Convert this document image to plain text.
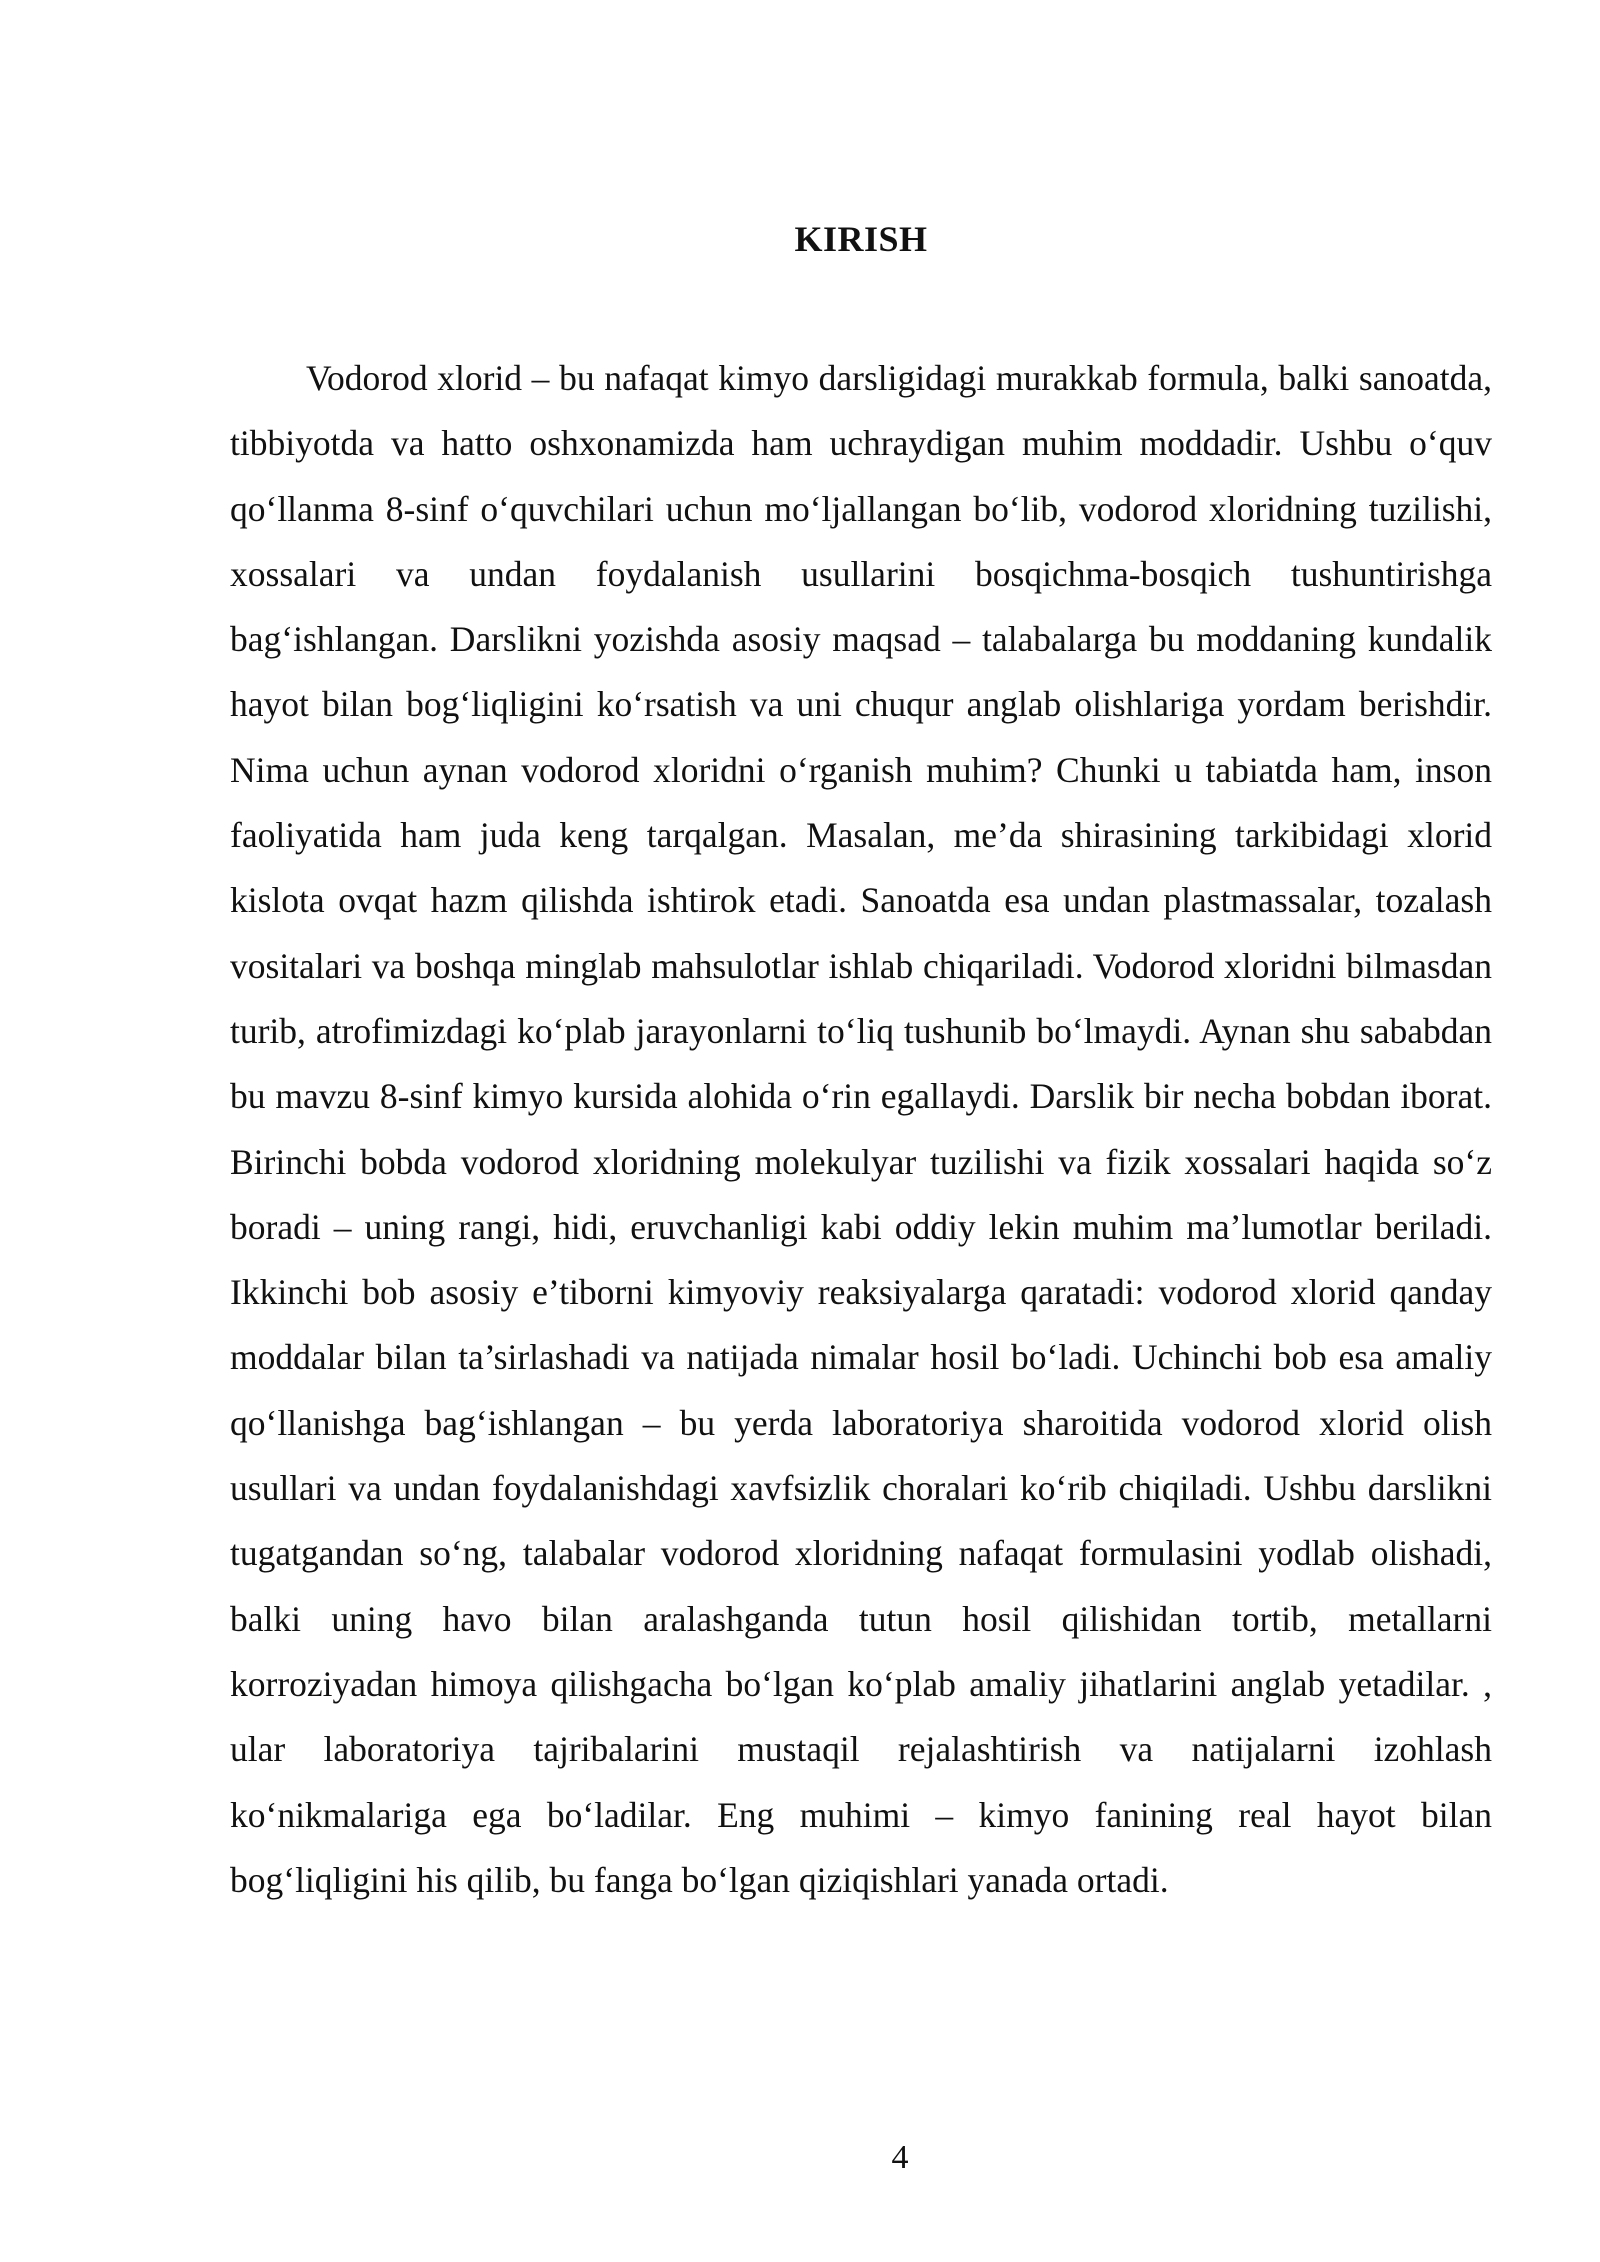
KIRISH

Vodorod xlorid – bu nafaqat kimyo darsligidagi murakkab formula, balki sanoatda, tibbiyotda va hatto oshxonamizda ham uchraydigan muhim moddadir. Ushbu o‘quv qo‘llanma 8-sinf o‘quvchilari uchun mo‘ljallangan bo‘lib, vodorod xloridning tuzilishi, xossalari va undan foydalanish usullarini bosqichma-bosqich tushuntirishga bag‘ishlangan. Darslikni yozishda asosiy maqsad – talabalarga bu moddaning kundalik hayot bilan bog‘liqligini ko‘rsatish va uni chuqur anglab olishlariga yordam berishdir. Nima uchun aynan vodorod xloridni o‘rganish muhim? Chunki u tabiatda ham, inson faoliyatida ham juda keng tarqalgan. Masalan, me’da shirasining tarkibidagi xlorid kislota ovqat hazm qilishda ishtirok etadi. Sanoatda esa undan plastmassalar, tozalash vositalari va boshqa minglab mahsulotlar ishlab chiqariladi. Vodorod xloridni bilmasdan turib, atrofimizdagi ko‘plab jarayonlarni to‘liq tushunib bo‘lmaydi. Aynan shu sababdan bu mavzu 8-sinf kimyo kursida alohida o‘rin egallaydi. Darslik bir necha bobdan iborat. Birinchi bobda vodorod xloridning molekulyar tuzilishi va fizik xossalari haqida so‘z boradi – uning rangi, hidi, eruvchanligi kabi oddiy lekin muhim ma’lumotlar beriladi. Ikkinchi bob asosiy e’tiborni kimyoviy reaksiyalarga qaratadi: vodorod xlorid qanday moddalar bilan ta’sirlashadi va natijada nimalar hosil bo‘ladi. Uchinchi bob esa amaliy qo‘llanishga bag‘ishlangan – bu yerda laboratoriya sharoitida vodorod xlorid olish usullari va undan foydalanishdagi xavfsizlik choralari ko‘rib chiqiladi. Ushbu darslikni tugatgandan so‘ng, talabalar vodorod xloridning nafaqat formulasini yodlab olishadi, balki uning havo bilan aralashganda tutun hosil qilishidan tortib, metallarni korroziyadan himoya qilishgacha bo‘lgan ko‘plab amaliy jihatlarini anglab yetadilar. , ular laboratoriya tajribalarini mustaqil rejalashtirish va natijalarni izohlash ko‘nikmalariga ega bo‘ladilar. Eng muhimi – kimyo fanining real hayot bilan bog‘liqligini his qilib, bu fanga bo‘lgan qiziqishlari yanada ortadi.

4
